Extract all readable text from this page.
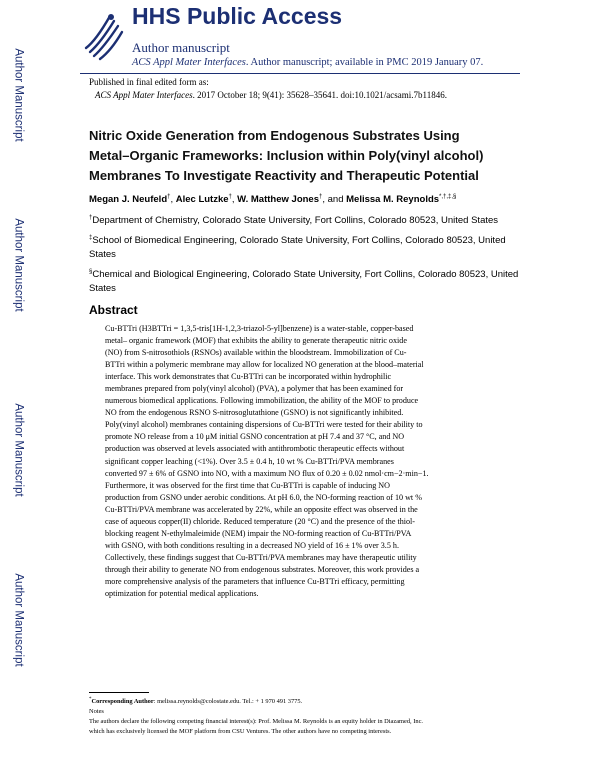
Author Manuscript
Author Manuscript
Author Manuscript
Author Manuscript
HHS Public Access
Author manuscript
ACS Appl Mater Interfaces. Author manuscript; available in PMC 2019 January 07.
Published in final edited form as:
ACS Appl Mater Interfaces. 2017 October 18; 9(41): 35628–35641. doi:10.1021/acsami.7b11846.
Nitric Oxide Generation from Endogenous Substrates Using
Metal–Organic Frameworks: Inclusion within Poly(vinyl alcohol)
Membranes To Investigate Reactivity and Therapeutic Potential
Megan J. Neufeld†, Alec Lutzke†, W. Matthew Jones†, and Melissa M. Reynolds*,†,‡,§
†Department of Chemistry, Colorado State University, Fort Collins, Colorado 80523, United States
‡School of Biomedical Engineering, Colorado State University, Fort Collins, Colorado 80523, United States
§Chemical and Biological Engineering, Colorado State University, Fort Collins, Colorado 80523, United States
Abstract
Cu-BTTri (H3BTTri = 1,3,5-tris[1H-1,2,3-triazol-5-yl]benzene) is a water-stable, copper-based
metal– organic framework (MOF) that exhibits the ability to generate therapeutic nitric oxide
(NO) from S-nitrosothiols (RSNOs) available within the bloodstream. Immobilization of Cu-
BTTri within a polymeric membrane may allow for localized NO generation at the blood–material
interface. This work demonstrates that Cu-BTTri can be incorporated within hydrophilic
membranes prepared from poly(vinyl alcohol) (PVA), a polymer that has been examined for
numerous biomedical applications. Following immobilization, the ability of the MOF to produce
NO from the endogenous RSNO S-nitrosoglutathione (GSNO) is not significantly inhibited.
Poly(vinyl alcohol) membranes containing dispersions of Cu-BTTri were tested for their ability to
promote NO release from a 10 μM initial GSNO concentration at pH 7.4 and 37 °C, and NO
production was observed at levels associated with antithrombotic therapeutic effects without
significant copper leaching (<1%). Over 3.5 ± 0.4 h, 10 wt % Cu-BTTri/PVA membranes
converted 97 ± 6% of GSNO into NO, with a maximum NO flux of 0.20 ± 0.02 nmol·cm−2·min−1.
Furthermore, it was observed for the first time that Cu-BTTri is capable of inducing NO
production from GSNO under aerobic conditions. At pH 6.0, the NO-forming reaction of 10 wt %
Cu-BTTri/PVA membrane was accelerated by 22%, while an opposite effect was observed in the
case of aqueous copper(II) chloride. Reduced temperature (20 °C) and the presence of the thiol-
blocking reagent N-ethylmaleimide (NEM) impair the NO-forming reaction of Cu-BTTri/PVA
with GSNO, with both conditions resulting in a decreased NO yield of 16 ± 1% over 3.5 h.
Collectively, these findings suggest that Cu-BTTri/PVA membranes may have therapeutic utility
through their ability to generate NO from endogenous substrates. Moreover, this work provides a
more comprehensive analysis of the parameters that influence Cu-BTTri efficacy, permitting
optimization for potential medical applications.
*Corresponding Author: melissa.reynolds@colostate.edu. Tel.: + 1 970 491 3775.
Notes
The authors declare the following competing financial interest(s): Prof. Melissa M. Reynolds is an equity holder in Diazamed, Inc.
which has exclusively licensed the MOF platform from CSU Ventures. The other authors have no competing interests.
